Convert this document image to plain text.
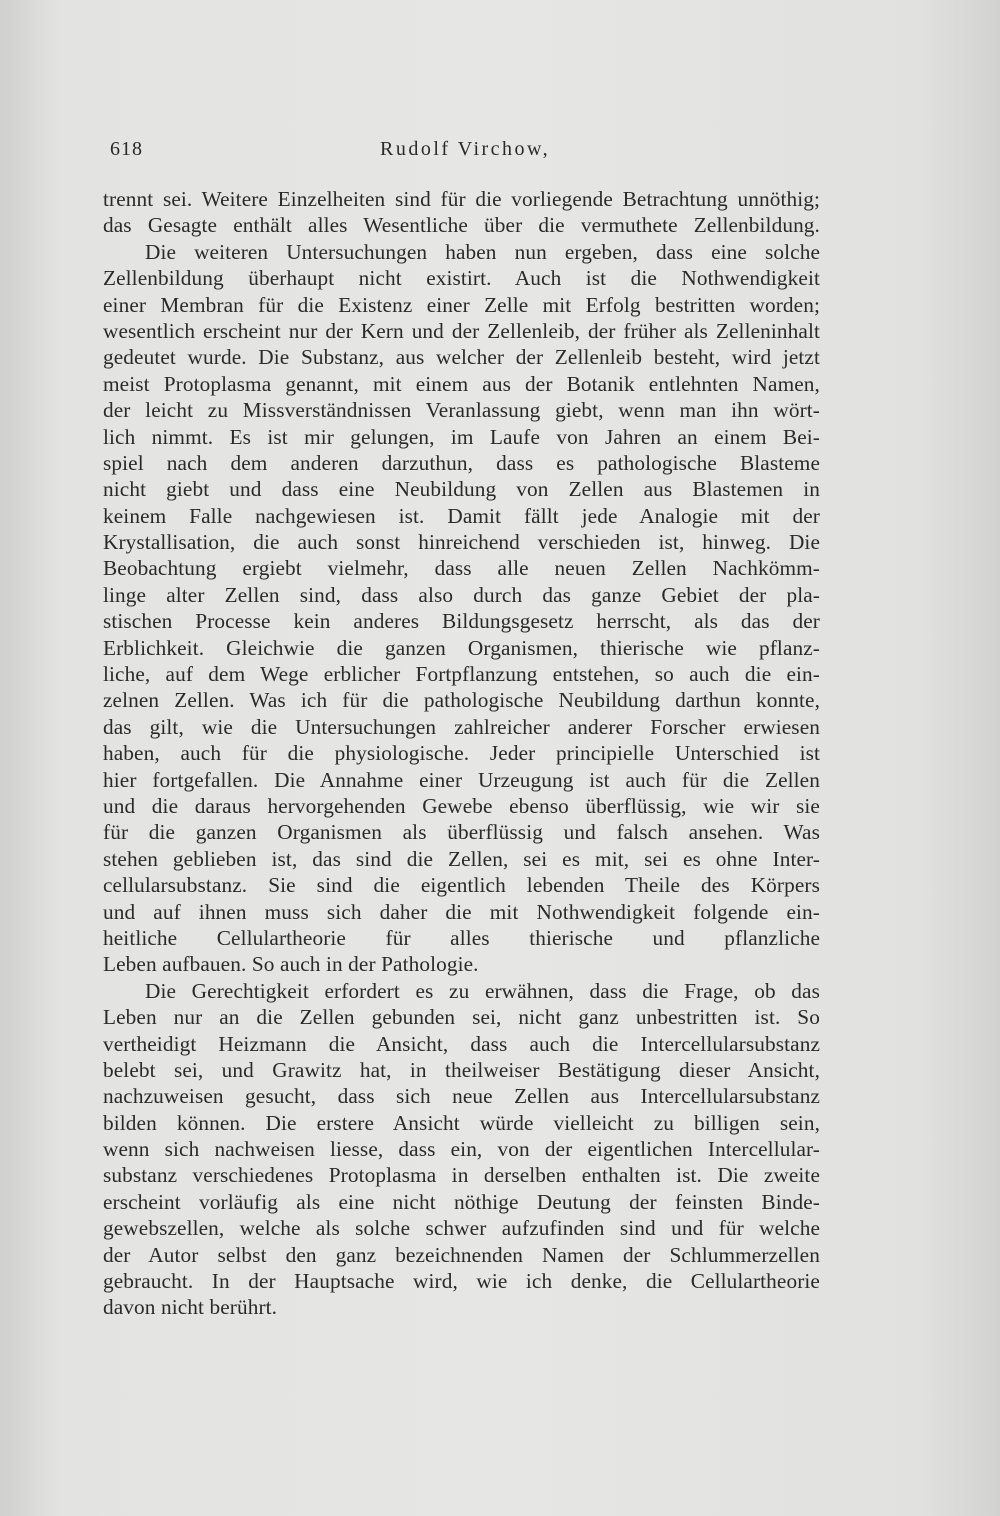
618	Rudolf Virchow,
trennt sei. Weitere Einzelheiten sind für die vorliegende Betrachtung unnöthig;
das Gesagte enthält alles Wesentliche über die vermuthete Zellenbildung.
Die weiteren Untersuchungen haben nun ergeben, dass eine solche
Zellenbildung überhaupt nicht existirt. Auch ist die Nothwendigkeit
einer Membran für die Existenz einer Zelle mit Erfolg bestritten worden;
wesentlich erscheint nur der Kern und der Zellenleib, der früher als Zelleninhalt
gedeutet wurde. Die Substanz, aus welcher der Zellenleib besteht, wird jetzt
meist Protoplasma genannt, mit einem aus der Botanik entlehnten Namen,
der leicht zu Missverständnissen Veranlassung giebt, wenn man ihn wört-
lich nimmt. Es ist mir gelungen, im Laufe von Jahren an einem Bei-
spiel nach dem anderen darzuthun, dass es pathologische Blasteme
nicht giebt und dass eine Neubildung von Zellen aus Blastemen in
keinem Falle nachgewiesen ist. Damit fällt jede Analogie mit der
Krystallisation, die auch sonst hinreichend verschieden ist, hinweg. Die
Beobachtung ergiebt vielmehr, dass alle neuen Zellen Nachkömm-
linge alter Zellen sind, dass also durch das ganze Gebiet der pla-
stischen Processe kein anderes Bildungsgesetz herrscht, als das der
Erblichkeit. Gleichwie die ganzen Organismen, thierische wie pflanz-
liche, auf dem Wege erblicher Fortpflanzung entstehen, so auch die ein-
zelnen Zellen. Was ich für die pathologische Neubildung darthun konnte,
das gilt, wie die Untersuchungen zahlreicher anderer Forscher erwiesen
haben, auch für die physiologische. Jeder principielle Unterschied ist
hier fortgefallen. Die Annahme einer Urzeugung ist auch für die Zellen
und die daraus hervorgehenden Gewebe ebenso überflüssig, wie wir sie
für die ganzen Organismen als überflüssig und falsch ansehen. Was
stehen geblieben ist, das sind die Zellen, sei es mit, sei es ohne Inter-
cellularsubstanz. Sie sind die eigentlich lebenden Theile des Körpers
und auf ihnen muss sich daher die mit Nothwendigkeit folgende ein-
heitliche Cellulartheorie für alles thierische und pflanzliche
Leben aufbauen. So auch in der Pathologie.
Die Gerechtigkeit erfordert es zu erwähnen, dass die Frage, ob das
Leben nur an die Zellen gebunden sei, nicht ganz unbestritten ist. So
vertheidigt Heizmann die Ansicht, dass auch die Intercellularsubstanz
belebt sei, und Grawitz hat, in theilweiser Bestätigung dieser Ansicht,
nachzuweisen gesucht, dass sich neue Zellen aus Intercellularsubstanz
bilden können. Die erstere Ansicht würde vielleicht zu billigen sein,
wenn sich nachweisen liesse, dass ein, von der eigentlichen Intercellular-
substanz verschiedenes Protoplasma in derselben enthalten ist. Die zweite
erscheint vorläufig als eine nicht nöthige Deutung der feinsten Binde-
gewebszellen, welche als solche schwer aufzufinden sind und für welche
der Autor selbst den ganz bezeichnenden Namen der Schlummerzellen
gebraucht. In der Hauptsache wird, wie ich denke, die Cellulartheorie
davon nicht berührt.
